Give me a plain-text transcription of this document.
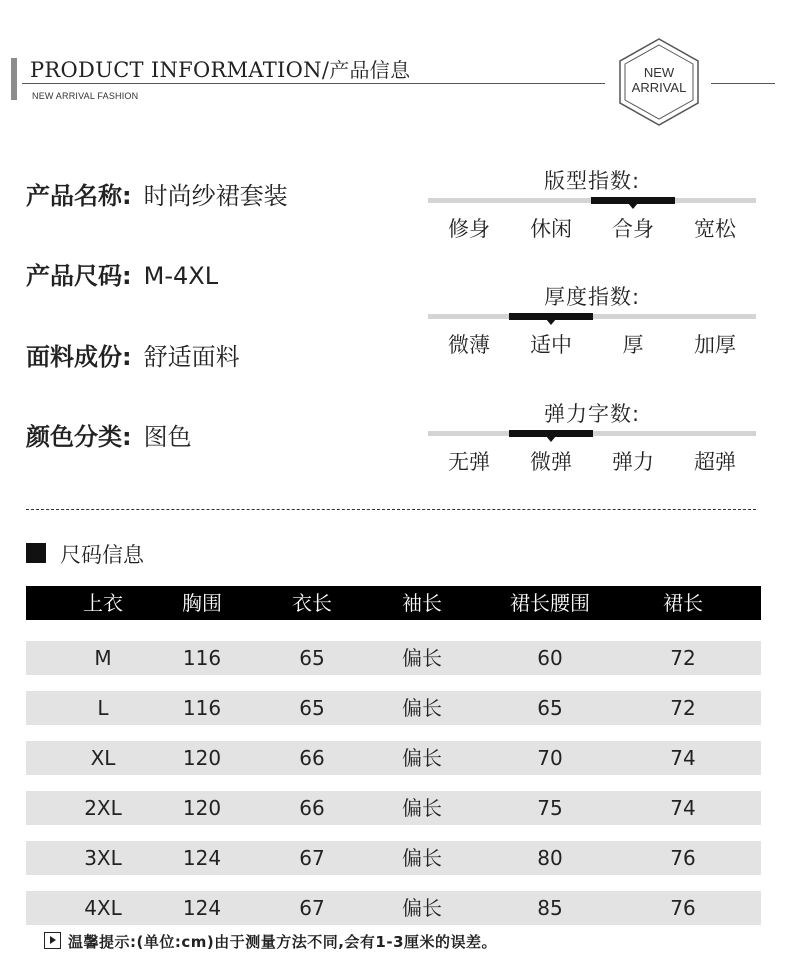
PRODUCT INFORMATION/产品信息
NEW ARRIVAL FASHION
NEW
ARRIVAL
产品名称: 时尚纱裙套装
产品尺码: M-4XL
面料成份: 舒适面料
颜色分类: 图色
版型指数:
修身	休闲	合身	宽松
厚度指数:
微薄	适中	厚	加厚
弹力字数:
无弹	微弹	弹力	超弹
尺码信息
上衣	胸围	衣长	袖长	裙长腰围	裙长
M	116	65	偏长	60	72
L	116	65	偏长	65	72
XL	120	66	偏长	70	74
2XL	120	66	偏长	75	74
3XL	124	67	偏长	80	76
4XL	124	67	偏长	85	76
温馨提示:(单位:cm)由于测量方法不同,会有1-3厘米的误差。
